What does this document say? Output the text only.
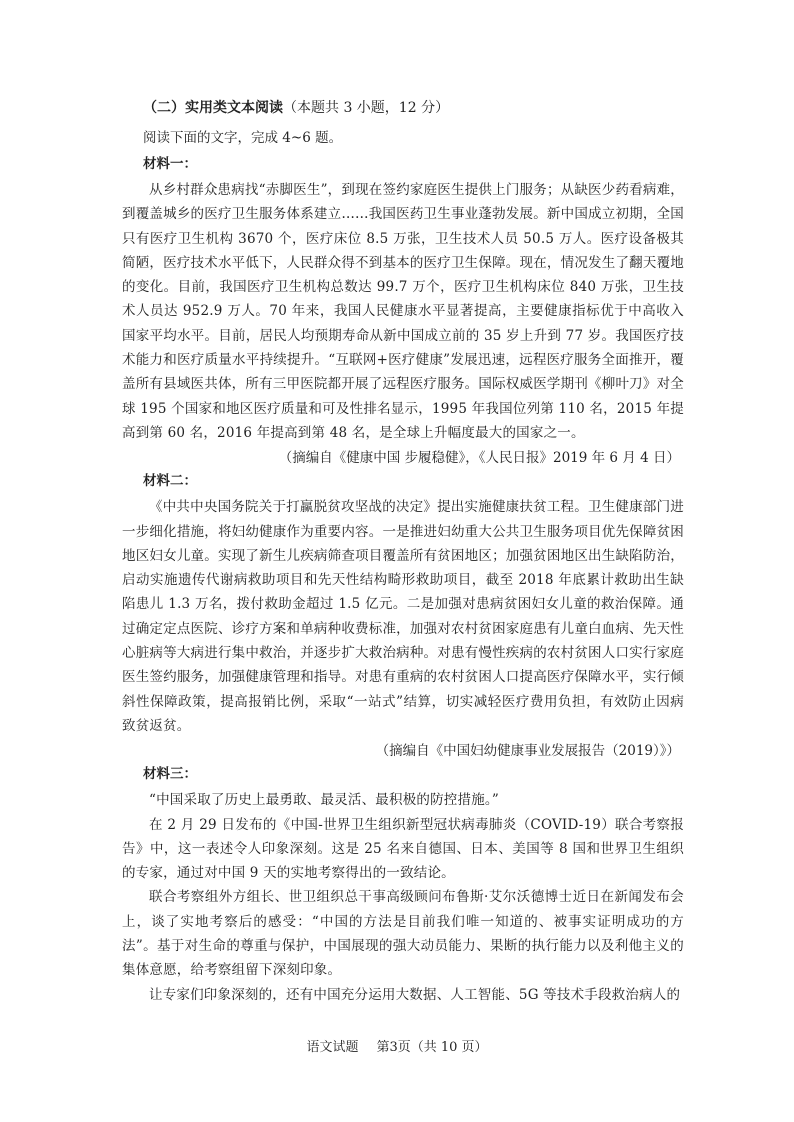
（二）实用类文本阅读（本题共 3 小题，12 分）
阅读下面的文字，完成 4~6 题。
材料一：

从乡村群众患病找“赤脚医生”，到现在签约家庭医生提供上门服务；从缺医少药看病难，到覆盖城乡的医疗卫生服务体系建立……我国医药卫生事业蓬勃发展。新中国成立初期，全国只有医疗卫生机构 3670 个，医疗床位 8.5 万张，卫生技术人员 50.5 万人。医疗设备极其简陋，医疗技术水平低下，人民群众得不到基本的医疗卫生保障。现在，情况发生了翻天覆地的变化。目前，我国医疗卫生机构总数达 99.7 万个，医疗卫生机构床位 840 万张，卫生技术人员达 952.9 万人。70 年来，我国人民健康水平显著提高，主要健康指标优于中高收入国家平均水平。目前，居民人均预期寿命从新中国成立前的 35 岁上升到 77 岁。我国医疗技术能力和医疗质量水平持续提升。“互联网+医疗健康”发展迅速，远程医疗服务全面推开，覆盖所有县域医共体，所有三甲医院都开展了远程医疗服务。国际权威医学期刊《柳叶刀》对全球 195 个国家和地区医疗质量和可及性排名显示，1995 年我国位列第 110 名，2015 年提高到第 60 名，2016 年提高到第 48 名，是全球上升幅度最大的国家之一。

（摘编自《健康中国 步履稳健》，《人民日报》2019 年 6 月 4 日）
材料二：

《中共中央国务院关于打赢脱贫攻坚战的决定》提出实施健康扶贫工程。卫生健康部门进一步细化措施，将妇幼健康作为重要内容。一是推进妇幼重大公共卫生服务项目优先保障贫困地区妇女儿童。实现了新生儿疾病筛查项目覆盖所有贫困地区；加强贫困地区出生缺陷防治，启动实施遗传代谢病救助项目和先天性结构畸形救助项目，截至 2018 年底累计救助出生缺陷患儿 1.3 万名，拨付救助金超过 1.5 亿元。二是加强对患病贫困妇女儿童的救治保障。通过确定定点医院、诊疗方案和单病种收费标准，加强对农村贫困家庭患有儿童白血病、先天性心脏病等大病进行集中救治，并逐步扩大救治病种。对患有慢性疾病的农村贫困人口实行家庭医生签约服务，加强健康管理和指导。对患有重病的农村贫困人口提高医疗保障水平，实行倾斜性保障政策，提高报销比例，采取“一站式”结算，切实减轻医疗费用负担，有效防止因病致贫返贫。

（摘编自《中国妇幼健康事业发展报告（2019）》）
材料三：

“中国采取了历史上最勇敢、最灵活、最积极的防控措施。”

在 2 月 29 日发布的《中国-世界卫生组织新型冠状病毒肺炎（COVID-19）联合考察报告》中，这一表述令人印象深刻。这是 25 名来自德国、日本、美国等 8 国和世界卫生组织的专家，通过对中国 9 天的实地考察得出的一致结论。

联合考察组外方组长、世卫组织总干事高级顾问布鲁斯·艾尔沃德博士近日在新闻发布会上，谈了实地考察后的感受：“中国的方法是目前我们唯一知道的、被事实证明成功的方法”。基于对生命的尊重与保护，中国展现的强大动员能力、果断的执行能力以及利他主义的集体意愿，给考察组留下深刻印象。

让专家们印象深刻的，还有中国充分运用大数据、人工智能、5G 等技术手段救治病人的

语文试题 第3页（共 10 页）
